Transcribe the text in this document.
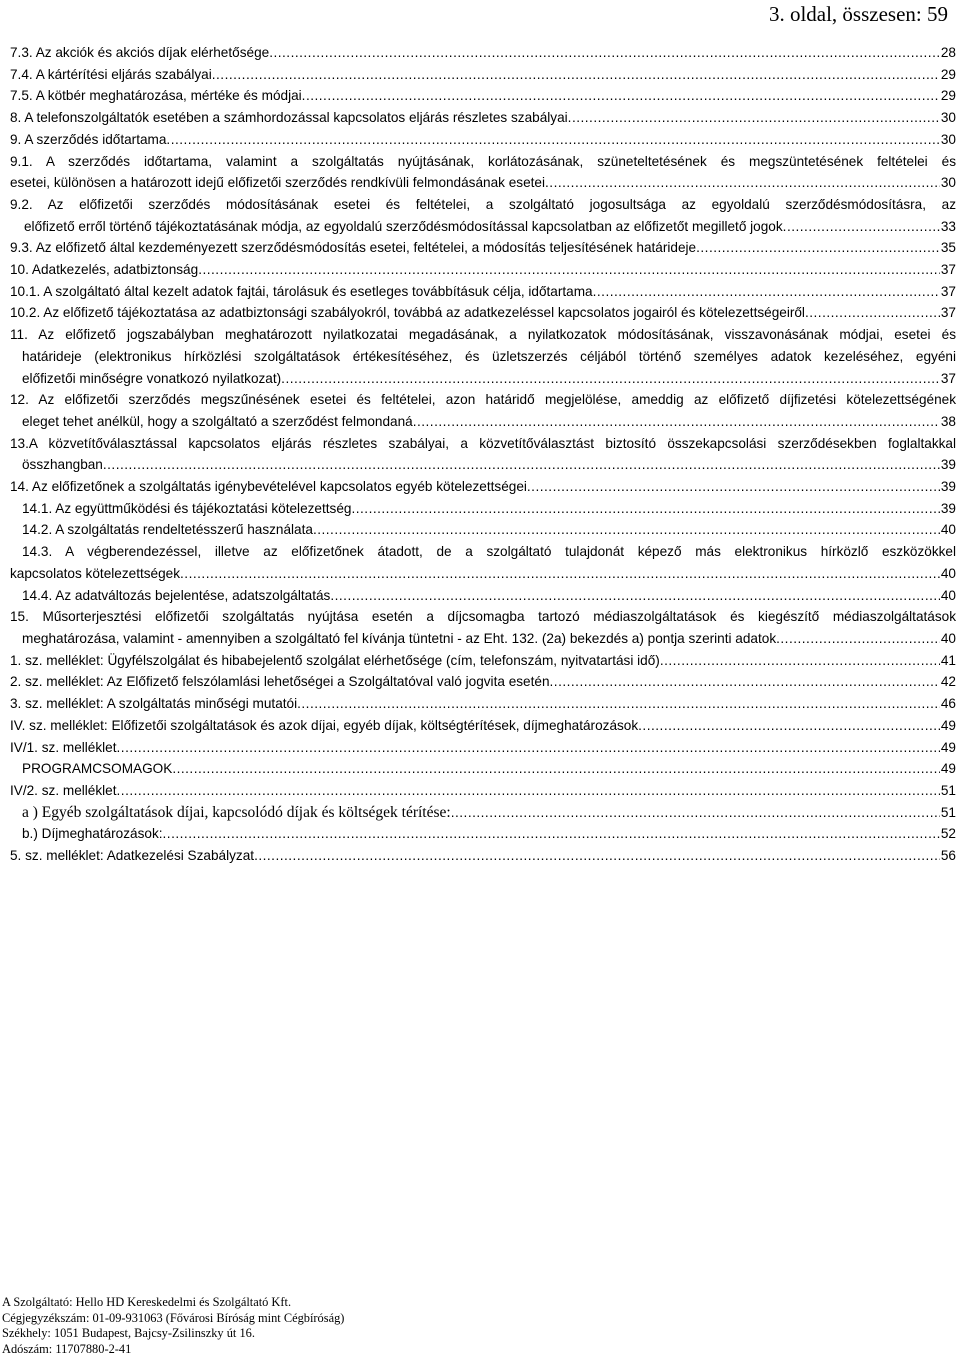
3. oldal, összesen: 59
7.3. Az akciók és akciós díjak elérhetősége .....	28
7.4. A kártérítési eljárás szabályai .....	29
7.5. A kötbér meghatározása, mértéke és módjai .....	29
8. A telefonszolgáltatók esetében a számhordozással kapcsolatos eljárás részletes szabályai .....	30
9. A szerződés időtartama .....	30
9.1. A szerződés időtartama, valamint a szolgáltatás nyújtásának, korlátozásának, szüneteltetésének és megszüntetésének feltételei és
esetei, különösen a határozott idejű előfizetői szerződés rendkívüli felmondásának esetei .....	30
9.2. Az előfizetői szerződés módosításának esetei és feltételei, a szolgáltató jogosultsága az egyoldalú szerződésmódosításra, az
előfizető erről történő tájékoztatásának módja, az egyoldalú szerződésmódosítással kapcsolatban az előfizetőt megillető jogok .....	33
9.3. Az előfizető által kezdeményezett szerződésmódosítás esetei, feltételei, a módosítás teljesítésének határideje .....	35
10. Adatkezelés, adatbiztonság .....	37
10.1. A szolgáltató által kezelt adatok fajtái, tárolásuk és esetleges továbbításuk célja, időtartama .....	37
10.2. Az előfizető tájékoztatása az adatbiztonsági szabályokról, továbbá az adatkezeléssel kapcsolatos jogairól és kötelezettségeiről .....	37
11. Az előfizető jogszabályban meghatározott nyilatkozatai megadásának, a nyilatkozatok módosításának, visszavonásának módjai, esetei és
határideje (elektronikus hírközlési szolgáltatások értékesítéséhez, és üzletszerzés céljából történő személyes adatok kezeléséhez, egyéni
előfizetői minőségre vonatkozó nyilatkozat) .....	37
12. Az előfizetői szerződés megszűnésének esetei és feltételei, azon határidő megjelölése, ameddig az előfizető díjfizetési kötelezettségének
eleget tehet anélkül, hogy a szolgáltató a szerződést felmondaná .....	38
13.A közvetítőválasztással kapcsolatos eljárás részletes szabályai, a közvetítőválasztást biztosító összekapcsolási szerződésekben foglaltakkal
összhangban .....	39
14. Az előfizetőnek a szolgáltatás igénybevételével kapcsolatos egyéb kötelezettségei .....	39
14.1. Az együttműködési és tájékoztatási kötelezettség .....	39
14.2. A szolgáltatás rendeltetésszerű használata .....	40
14.3. A végberendezéssel, illetve az előfizetőnek átadott, de a szolgáltató tulajdonát képező más elektronikus hírközlő eszközökkel
kapcsolatos kötelezettségek .....	40
14.4. Az adatváltozás bejelentése, adatszolgáltatás .....	40
15. Műsorterjesztési előfizetői szolgáltatás nyújtása esetén a díjcsomagba tartozó médiaszolgáltatások és kiegészítő médiaszolgáltatások
meghatározása, valamint - amennyiben a szolgáltató fel kívánja tüntetni - az Eht. 132. (2a) bekezdés a) pontja szerinti adatok .....	40
1. sz. melléklet: Ügyfélszolgálat és hibabejelentő szolgálat elérhetősége (cím, telefonszám, nyitvatartási idő) .....	41
2. sz. melléklet: Az Előfizető felszólamlási lehetőségei a Szolgáltatóval való jogvita esetén .....	42
3. sz. melléklet: A szolgáltatás minőségi mutatói .....	46
IV. sz. melléklet: Előfizetői szolgáltatások és azok díjai, egyéb díjak, költségtérítések, díjmeghatározások .....	49
IV/1. sz. melléklet .....	49
PROGRAMCSOMAGOK .....	49
IV/2. sz. melléklet .....	51
a ) Egyéb szolgáltatások díjai, kapcsolódó díjak és költségek térítése: .....	51
b.) Díjmeghatározások: .....	52
5. sz. melléklet: Adatkezelési Szabályzat .....	56
A Szolgáltató: Hello HD Kereskedelmi és Szolgáltató Kft.
Cégjegyzékszám: 01-09-931063 (Fővárosi Bíróság mint Cégbíróság)
Székhely: 1051 Budapest, Bajcsy-Zsilinszky út 16.
Adószám: 11707880-2-41
